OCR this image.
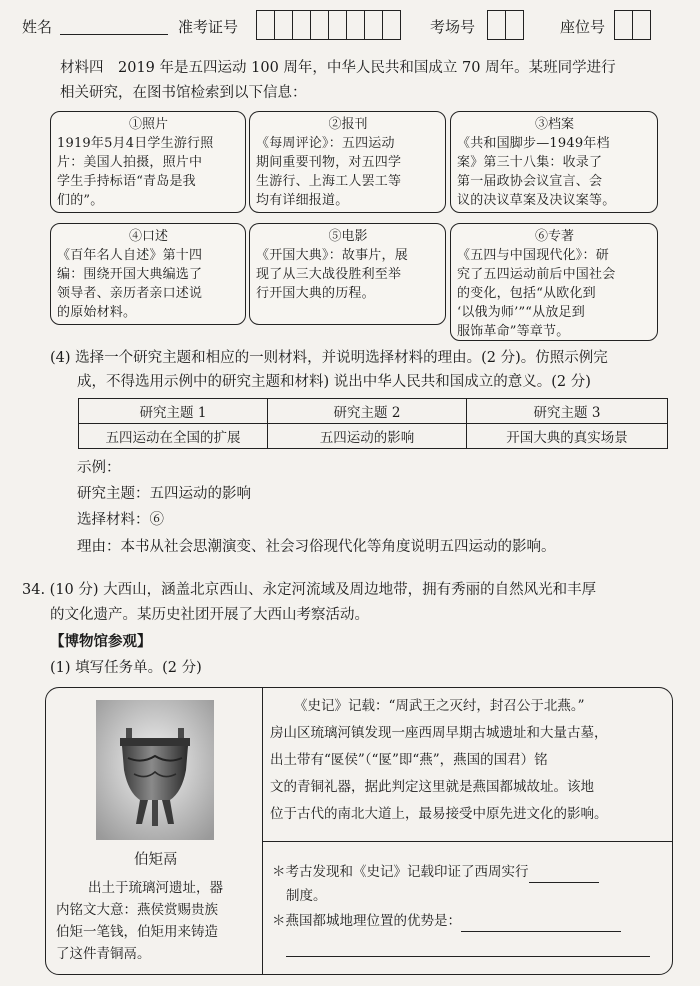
姓名	准考证号	考场号	座位号
材料四　2019 年是五四运动 100 周年，中华人民共和国成立 70 周年。某班同学进行
相关研究，在图书馆检索到以下信息：
①照片
1919年5月4日学生游行照
片：美国人拍摄，照片中
学生手持标语“青岛是我
们的”。
②报刊
《每周评论》：五四运动
期间重要刊物，对五四学
生游行、上海工人罢工等
均有详细报道。
③档案
《共和国脚步—1949年档
案》第三十八集：收录了
第一届政协会议宣言、会
议的决议草案及决议案等。
④口述
《百年名人自述》第十四
编：围绕开国大典编选了
领导者、亲历者亲口述说
的原始材料。
⑤电影
《开国大典》：故事片，展
现了从三大战役胜利至举
行开国大典的历程。
⑥专著
《五四与中国现代化》：研
究了五四运动前后中国社会
的变化，包括“从欧化到
‘以俄为师’”“从放足到
服饰革命”等章节。
(4) 选择一个研究主题和相应的一则材料，并说明选择材料的理由。(2 分)。仿照示例完
成，不得选用示例中的研究主题和材料) 说出中华人民共和国成立的意义。(2 分)
研究主题 1	研究主题 2	研究主题 3
五四运动在全国的扩展	五四运动的影响	开国大典的真实场景
示例：
研究主题：五四运动的影响
选择材料：⑥
理由：本书从社会思潮演变、社会习俗现代化等角度说明五四运动的影响。
34. (10 分) 大西山，涵盖北京西山、永定河流域及周边地带，拥有秀丽的自然风光和丰厚
的文化遗产。某历史社团开展了大西山考察活动。
【博物馆参观】
(1) 填写任务单。(2 分)
伯矩鬲
出土于琉璃河遗址，器
内铭文大意：燕侯赏赐贵族
伯矩一笔钱，伯矩用来铸造
了这件青铜鬲。
《史记》记载：“周武王之灭纣，封召公于北燕。”
房山区琉璃河镇发现一座西周早期古城遗址和大量古墓，
出土带有“匽侯”（“匽”即“燕”，燕国的国君）铭
文的青铜礼器，据此判定这里就是燕国都城故址。该地
位于古代的南北大道上，最易接受中原先进文化的影响。
＊考古发现和《史记》记载印证了西周实行
制度。
＊燕国都城地理位置的优势是：
